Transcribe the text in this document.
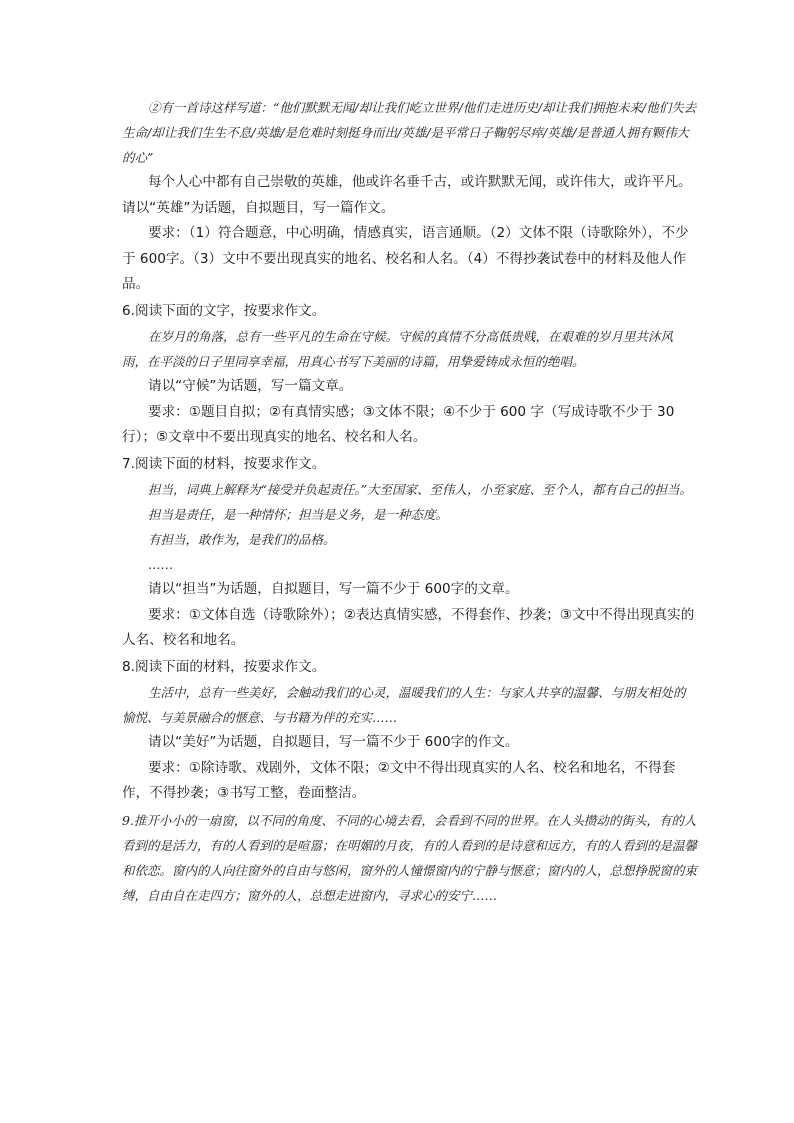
②有一首诗这样写道：“他们默默无闻/却让我们屹立世界/他们走进历史/却让我们拥抱未来/他们失去生命/却让我们生生不息/英雄/是危难时刻挺身而出/英雄/是平常日子鞠躬尽瘁/英雄/是普通人拥有颗伟大的心”

每个人心中都有自己崇敬的英雄，他或许名垂千古，或许默默无闻，或许伟大，或许平凡。请以“英雄”为话题，自拟题目，写一篇作文。

要求：（1）符合题意，中心明确，情感真实，语言通顺。（2）文体不限（诗歌除外），不少于 600字。（3）文中不要出现真实的地名、校名和人名。（4）不得抄袭试卷中的材料及他人作品。

6.阅读下面的文字，按要求作文。

在岁月的角落，总有一些平凡的生命在守候。守候的真情不分高低贵贱，在艰难的岁月里共沐风雨，在平淡的日子里同享幸福，用真心书写下美丽的诗篇，用挚爱铸成永恒的绝唱。

请以“守候”为话题，写一篇文章。

要求：①题目自拟；②有真情实感；③文体不限；④不少于 600 字（写成诗歌不少于 30 行）；⑤文章中不要出现真实的地名、校名和人名。

7.阅读下面的材料，按要求作文。

担当，词典上解释为“接受并负起责任。”大至国家、至伟人，小至家庭、至个人，都有自己的担当。

担当是责任，是一种情怀；担当是义务，是一种态度。

有担当，敢作为，是我们的品格。

……

请以“担当”为话题，自拟题目，写一篇不少于 600字的文章。

要求：①文体自选（诗歌除外）；②表达真情实感，不得套作、抄袭；③文中不得出现真实的人名、校名和地名。

8.阅读下面的材料，按要求作文。

生活中，总有一些美好，会触动我们的心灵，温暖我们的人生：与家人共享的温馨、与朋友相处的愉悦、与美景融合的惬意、与书籍为伴的充实……

请以“美好”为话题，自拟题目，写一篇不少于 600字的作文。

要求：①除诗歌、戏剧外，文体不限；②文中不得出现真实的人名、校名和地名，不得套作，不得抄袭；③书写工整，卷面整洁。

9.推开小小的一扇窗，以不同的角度、不同的心境去看，会看到不同的世界。在人头攒动的街头，有的人看到的是活力，有的人看到的是喧嚣；在明媚的月夜，有的人看到的是诗意和远方，有的人看到的是温馨和依恋。窗内的人向往窗外的自由与悠闲，窗外的人憧憬窗内的宁静与惬意；窗内的人，总想挣脱窗的束缚，自由自在走四方；窗外的人，总想走进窗内，寻求心的安宁……
